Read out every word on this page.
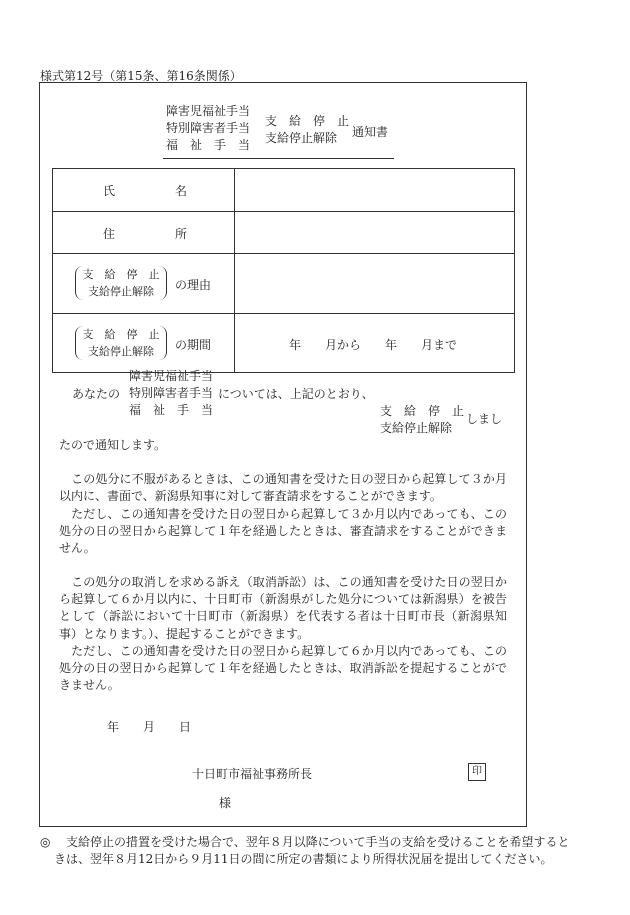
様式第12号（第15条、第16条関係）
障害児福祉手当
特別障害者手当
福　祉　手　当
支　給　停　止
支給停止解除	通知書
氏　　　　　名
住　　　　　所
支　給　停　止
支給停止解除	の理由
支　給　停　止
支給停止解除	の期間	年　　月から　　年　　月まで
あなたの
障害児福祉手当
特別障害者手当
福　祉　手　当
については、上記のとおり、
支　給　停　止
支給停止解除
しまし
たので通知します。
　この処分に不服があるときは、この通知書を受けた日の翌日から起算して３か月以内に、書面で、新潟県知事に対して審査請求をすることができます。
　ただし、この通知書を受けた日の翌日から起算して３か月以内であっても、この処分の日の翌日から起算して１年を経過したときは、審査請求をすることができません。
　この処分の取消しを求める訴え（取消訴訟）は、この通知書を受けた日の翌日から起算して６か月以内に、十日町市（新潟県がした処分については新潟県）を被告として（訴訟において十日町市（新潟県）を代表する者は十日町市長（新潟県知事）となります。）、提起することができます。
　ただし、この通知書を受けた日の翌日から起算して６か月以内であっても、この処分の日の翌日から起算して１年を経過したときは、取消訴訟を提起することができません。
年　　月　　日
十日町市福祉事務所長	印
様
◎ 支給停止の措置を受けた場合で、翌年８月以降について手当の支給を受けることを希望すると
きは、翌年８月12日から９月11日の間に所定の書類により所得状況届を提出してください。
